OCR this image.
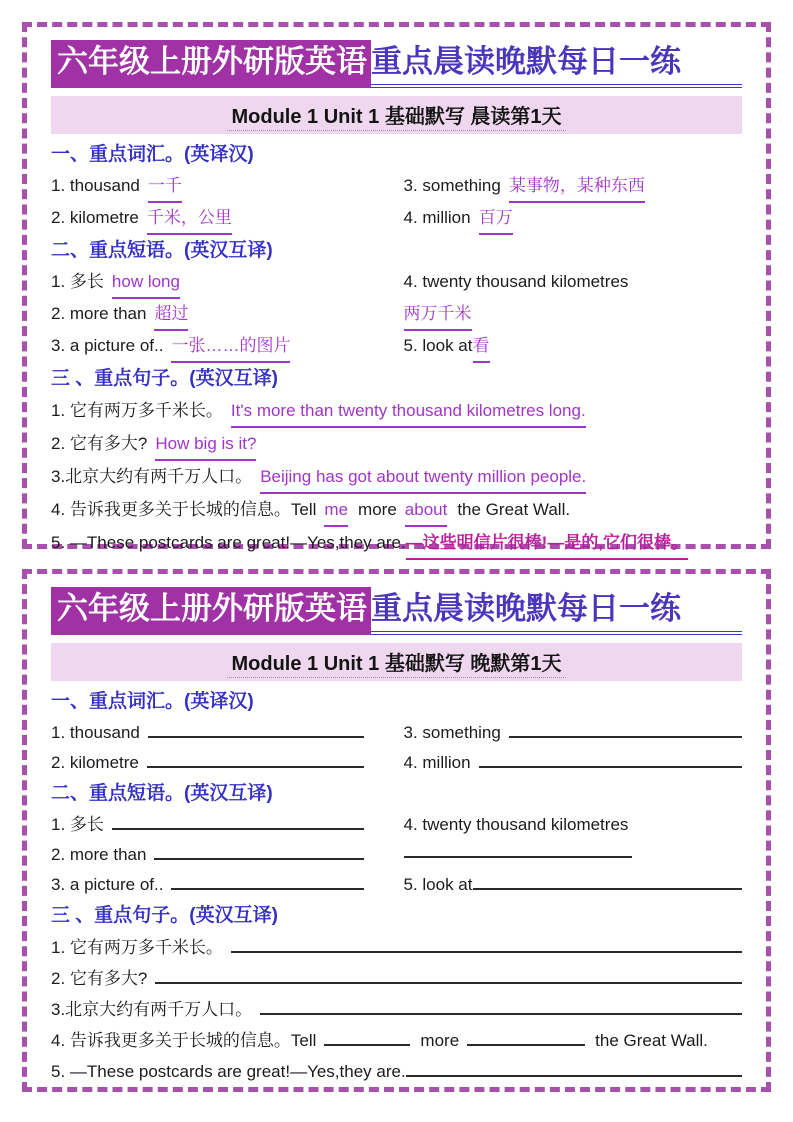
六年级上册外研版英语 重点晨读晚默每日一练
Module 1 Unit 1 基础默写 晨读第1天
一、重点词汇。(英译汉)
1. thousand 一千	3. something 某事物，某种东西
2. kilometre 千米，公里	4. million 百万
二、重点短语。(英汉互译)
1. 多长 how long	4. twenty thousand kilometres
2. more than 超过	两万千米
3. a picture of.. 一张……的图片	5. look at 看
三 、重点句子。(英汉互译)
1. 它有两万多千米长。 It's more than twenty thousand kilometres long.
2. 它有多大? How big is it?
3.北京大约有两千万人口。 Beijing has got about twenty million people.
4. 告诉我更多关于长城的信息。Tell me more about the Great Wall.
5. —These postcards are great!—Yes,they are. —这些明信片很棒!—是的,它们很棒。
六年级上册外研版英语 重点晨读晚默每日一练
Module 1 Unit 1 基础默写 晚默第1天
一、重点词汇。(英译汉)
1. thousand	3. something
2. kilometre	4. million
二、重点短语。(英汉互译)
1. 多长	4. twenty thousand kilometres
2. more than
3. a picture of..	5. look at
三 、重点句子。(英汉互译)
1. 它有两万多千米长。
2. 它有多大?
3.北京大约有两千万人口。
4. 告诉我更多关于长城的信息。Tell	more	the Great Wall.
5. —These postcards are great!—Yes,they are.
